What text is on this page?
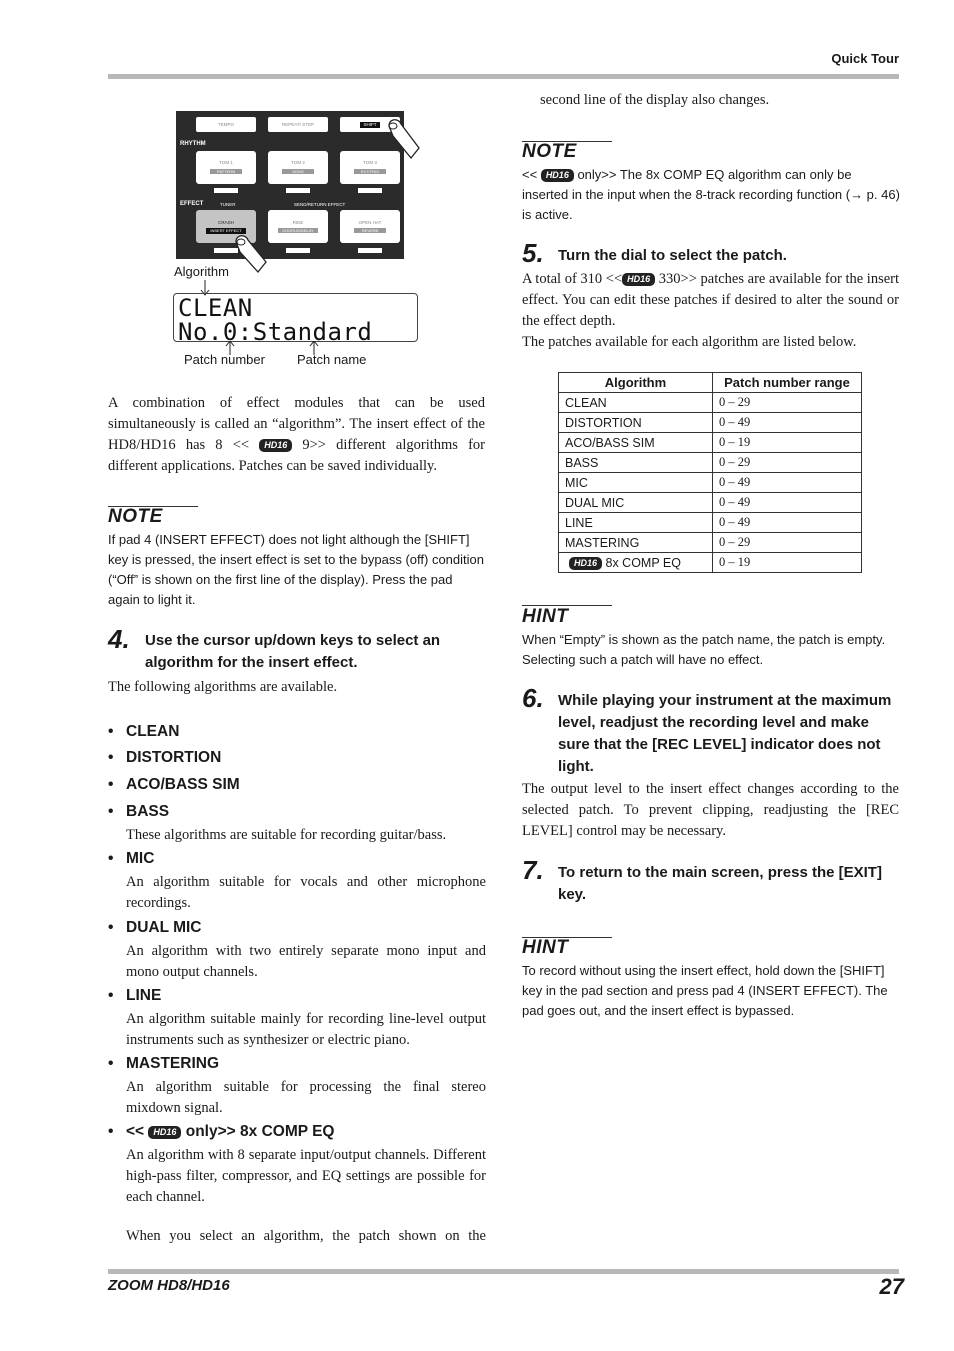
Quick Tour
TEMPO	REPEAT/ STEP	SHIFT
RHYTHM
EFFECT	TUNER	SEND/RETURN EFFECT
TOM 1
PATTERN
TOM 2
SONG
TOM 3
EXT/TRIG
CRASH
INSERT EFFECT
RIDE
CHORUS/DELAY
OPEN HAT
REVERB
Algorithm
CLEAN
No.0:Standard
Patch number Patch name
A combination of effect modules that can be used simultaneously is called an “algorithm”. The insert effect of the HD8/HD16 has 8 << HD16 9>> different algorithms for different applications. Patches can be saved individually.
NOTE
If pad 4 (INSERT EFFECT) does not light although the [SHIFT] key is pressed, the insert effect is set to the bypass (off) condition (“Off” is shown on the first line of the display). Press the pad again to light it.
4. Use the cursor up/down keys to select an algorithm for the insert effect.
The following algorithms are available.
• CLEAN
• DISTORTION
• ACO/BASS SIM
• BASS
These algorithms are suitable for recording guitar/bass.
• MIC
An algorithm suitable for vocals and other microphone recordings.
• DUAL MIC
An algorithm with two entirely separate mono input and mono output channels.
• LINE
An algorithm suitable mainly for recording line-level output instruments such as synthesizer or electric piano.
• MASTERING
An algorithm suitable for processing the final stereo mixdown signal.
• << HD16 only>> 8x COMP EQ
An algorithm with 8 separate input/output channels. Different high-pass filter, compressor, and EQ settings are possible for each channel.
When you select an algorithm, the patch shown on the
second line of the display also changes.
NOTE
<< HD16 only>> The 8x COMP EQ algorithm can only be inserted in the input when the 8-track recording function (→ p. 46) is active.
5. Turn the dial to select the patch.
A total of 310 << HD16 330>> patches are available for the insert effect. You can edit these patches if desired to alter the sound or the effect depth.
The patches available for each algorithm are listed below.
Algorithm	Patch number range
CLEAN	0 – 29
DISTORTION	0 – 49
ACO/BASS SIM	0 – 19
BASS	0 – 29
MIC	0 – 49
DUAL MIC	0 – 49
LINE	0 – 49
MASTERING	0 – 29
HD16 8x COMP EQ	0 – 19
HINT
When “Empty” is shown as the patch name, the patch is empty. Selecting such a patch will have no effect.
6. While playing your instrument at the maximum level, readjust the recording level and make sure that the [REC LEVEL] indicator does not light.
The output level to the insert effect changes according to the selected patch. To prevent clipping, readjusting the [REC LEVEL] control may be necessary.
7. To return to the main screen, press the [EXIT] key.
HINT
To record without using the insert effect, hold down the [SHIFT] key in the pad section and press pad 4 (INSERT EFFECT). The pad goes out, and the insert effect is bypassed.
ZOOM HD8/HD16	27
